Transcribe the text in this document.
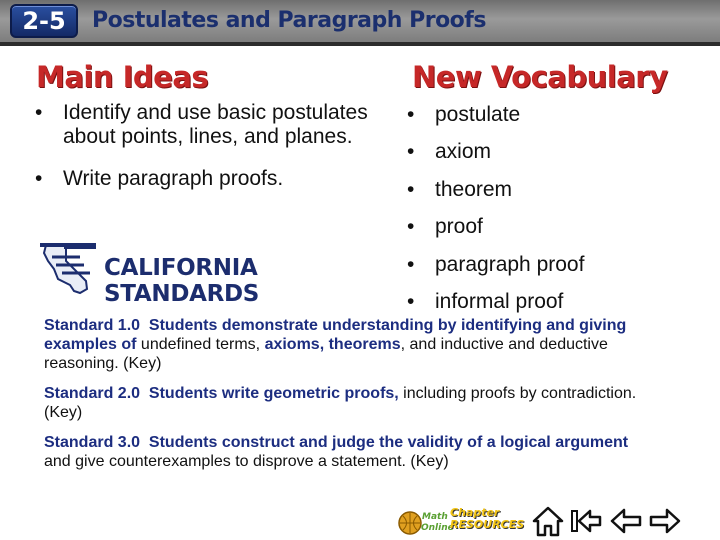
2-5	Postulates and Paragraph Proofs
Main Ideas	New Vocabulary
• Identify and use basic postulates about points, lines, and planes.
• Write paragraph proofs.
• postulate
• axiom
• theorem
• proof
• paragraph proof
• informal proof
CALIFORNIA STANDARDS

Standard 1.0 Students demonstrate understanding by identifying and giving examples of undefined terms, axioms, theorems, and inductive and deductive reasoning. (Key)

Standard 2.0 Students write geometric proofs, including proofs by contradiction. (Key)

Standard 3.0 Students construct and judge the validity of a logical argument and give counterexamples to disprove a statement. (Key)

Math
Online
Chapter
RESOURCES
